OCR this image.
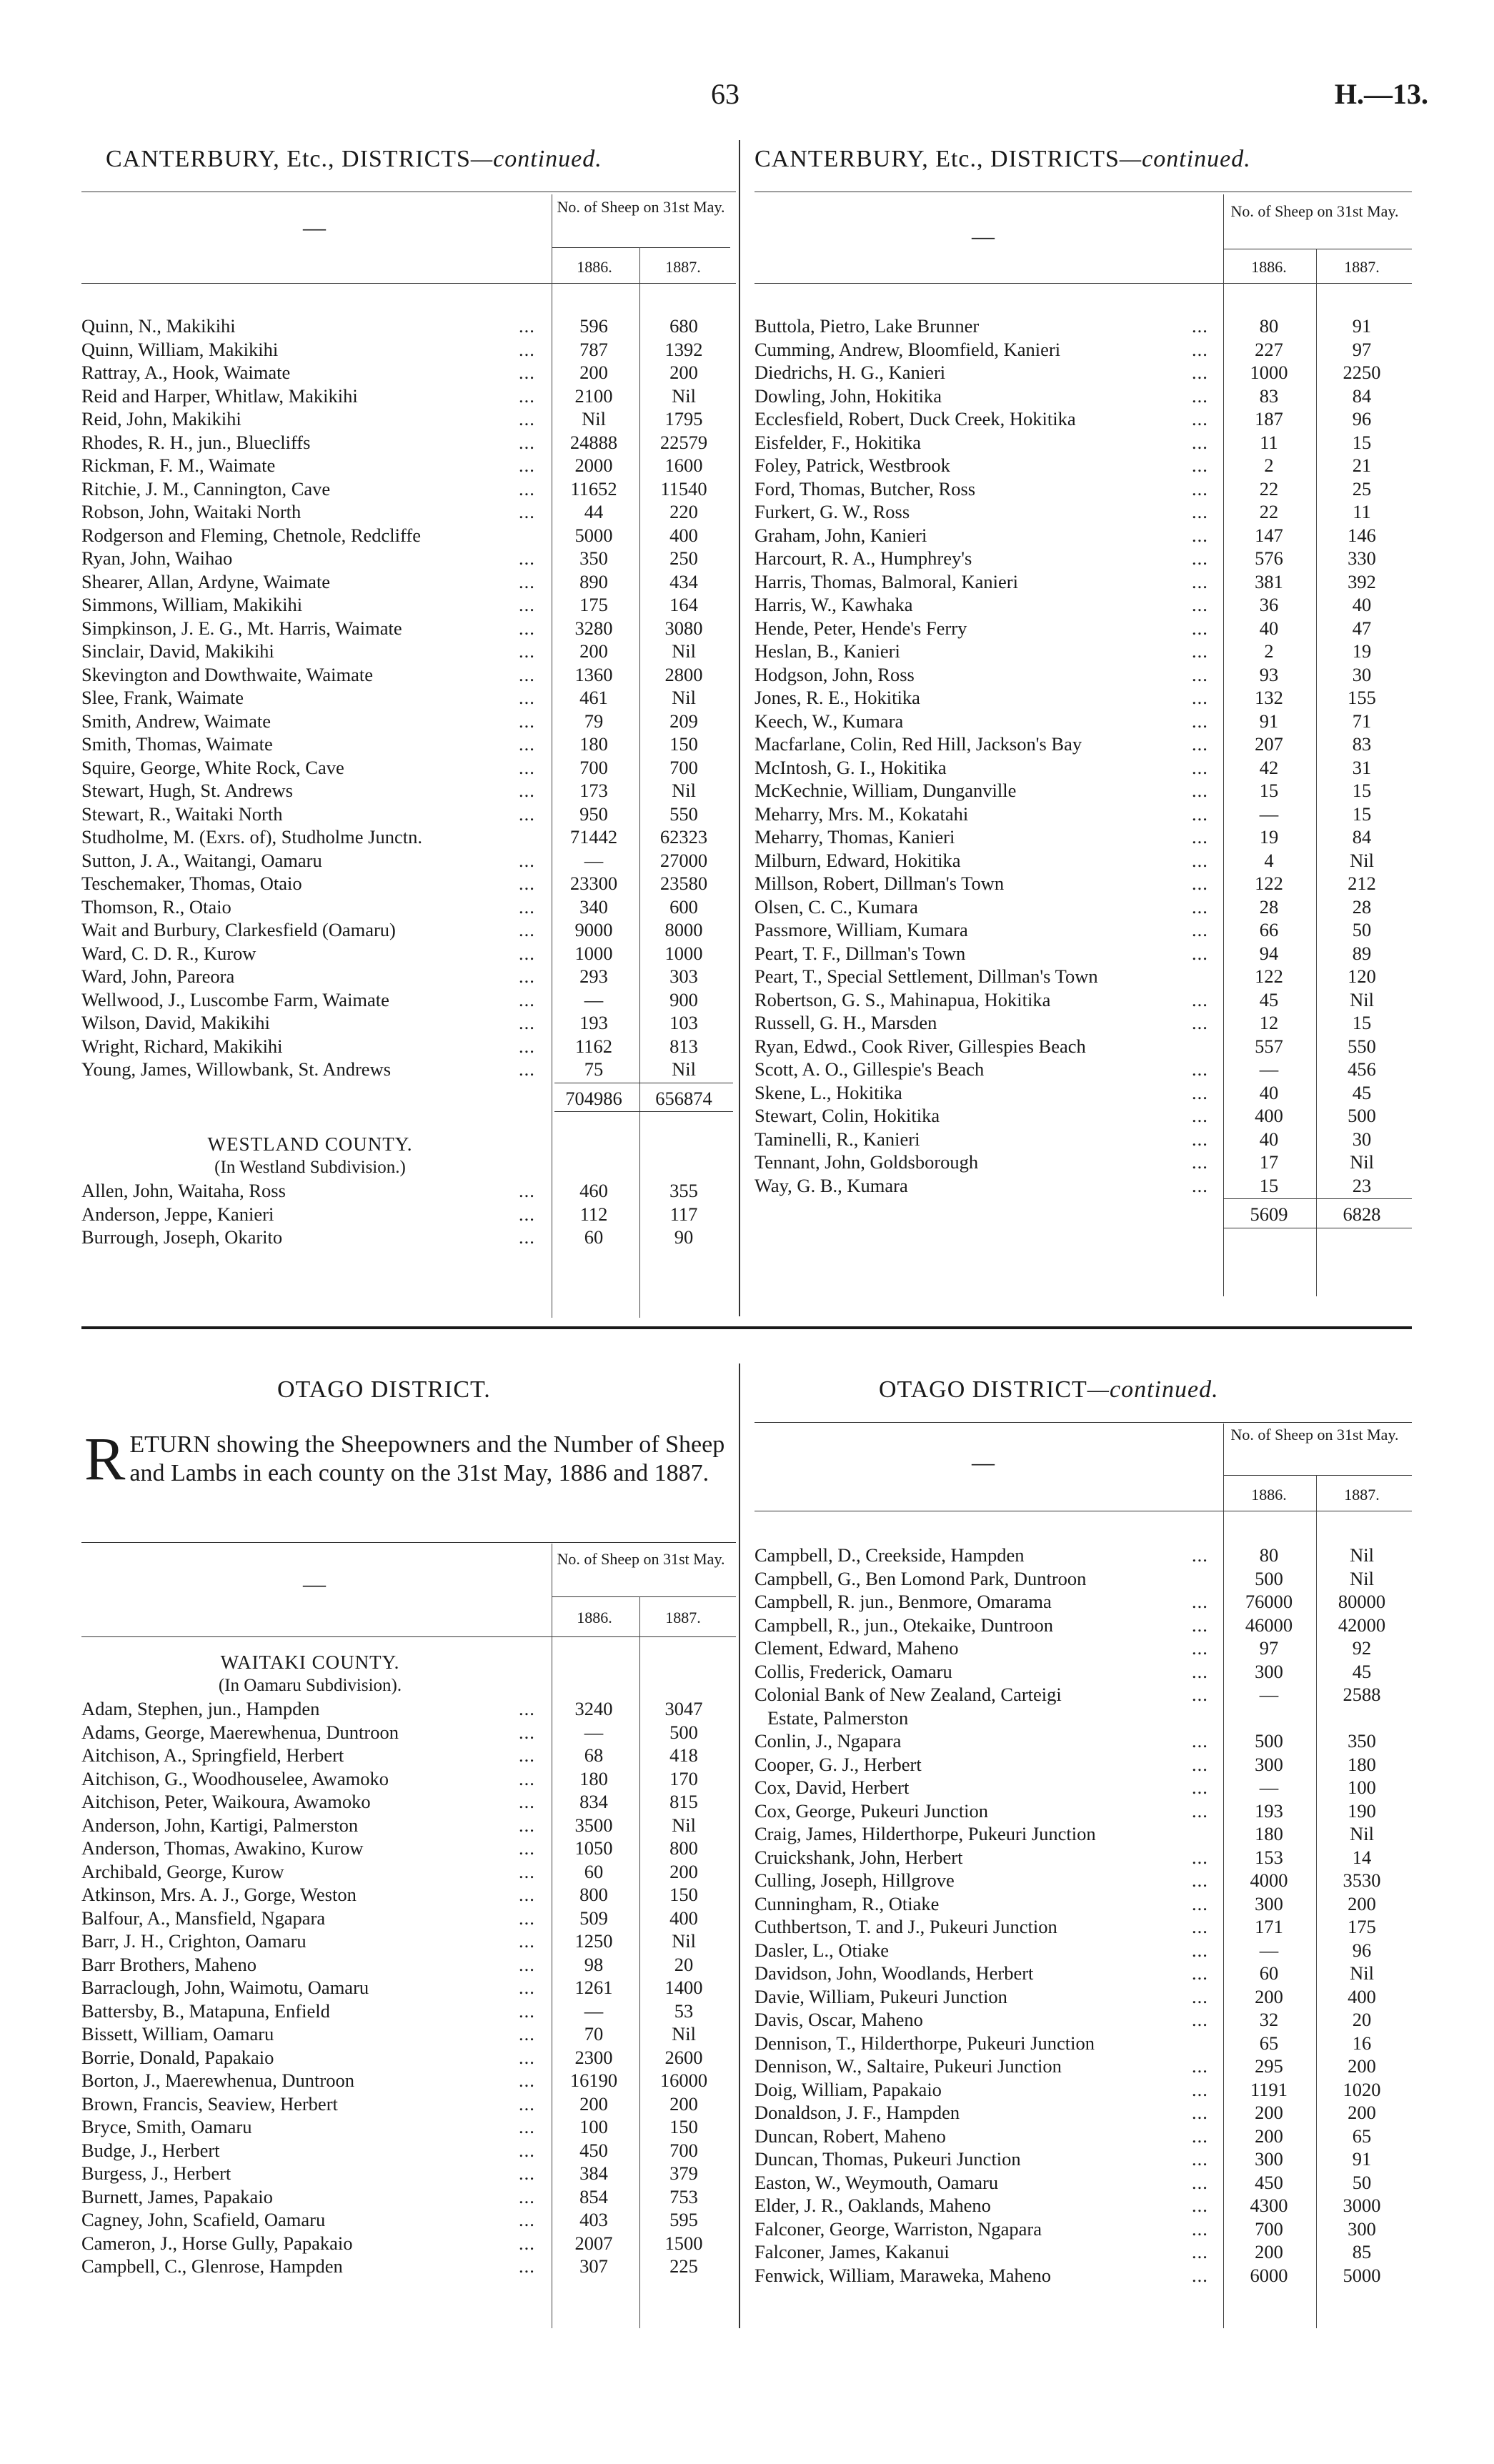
63	H.—13.
CANTERBURY, Etc., DISTRICTS—continued.	CANTERBURY, Etc., DISTRICTS—continued.
—
No. of Sheep on 31st May.
1886.	1887.
—
No. of Sheep on 31st May.
1886.	1887.
Quinn, N., Makikihi	...	596	680
Quinn, William, Makikihi	...	787	1392
Rattray, A., Hook, Waimate	...	200	200
Reid and Harper, Whitlaw, Makikihi	...	2100	Nil
Reid, John, Makikihi	...	Nil	1795
Rhodes, R. H., jun., Bluecliffs	...	24888	22579
Rickman, F. M., Waimate	...	2000	1600
Ritchie, J. M., Cannington, Cave	...	11652	11540
Robson, John, Waitaki North	...	44	220
Rodgerson and Fleming, Chetnole, Redcliffe	5000	400
Ryan, John, Waihao	...	350	250
Shearer, Allan, Ardyne, Waimate	...	890	434
Simmons, William, Makikihi	...	175	164
Simpkinson, J. E. G., Mt. Harris, Waimate	...	3280	3080
Sinclair, David, Makikihi	...	200	Nil
Skevington and Dowthwaite, Waimate	...	1360	2800
Slee, Frank, Waimate	...	461	Nil
Smith, Andrew, Waimate	...	79	209
Smith, Thomas, Waimate	...	180	150
Squire, George, White Rock, Cave	...	700	700
Stewart, Hugh, St. Andrews	...	173	Nil
Stewart, R., Waitaki North	...	950	550
Studholme, M. (Exrs. of), Studholme Junctn.	71442	62323
Sutton, J. A., Waitangi, Oamaru	...	—	27000
Teschemaker, Thomas, Otaio	...	23300	23580
Thomson, R., Otaio	...	340	600
Wait and Burbury, Clarkesfield (Oamaru)	...	9000	8000
Ward, C. D. R., Kurow	...	1000	1000
Ward, John, Pareora	...	293	303
Wellwood, J., Luscombe Farm, Waimate	...	—	900
Wilson, David, Makikihi	...	193	103
Wright, Richard, Makikihi	...	1162	813
Young, James, Willowbank, St. Andrews	...	75	Nil
704986	656874
WESTLAND COUNTY.
(In Westland Subdivision.)
Allen, John, Waitaha, Ross	...	460	355
Anderson, Jeppe, Kanieri	...	112	117
Burrough, Joseph, Okarito	...	60	90
Buttola, Pietro, Lake Brunner	...	80	91
Cumming, Andrew, Bloomfield, Kanieri	...	227	97
Diedrichs, H. G., Kanieri	...	1000	2250
Dowling, John, Hokitika	...	83	84
Ecclesfield, Robert, Duck Creek, Hokitika	...	187	96
Eisfelder, F., Hokitika	...	11	15
Foley, Patrick, Westbrook	...	2	21
Ford, Thomas, Butcher, Ross	...	22	25
Furkert, G. W., Ross	...	22	11
Graham, John, Kanieri	...	147	146
Harcourt, R. A., Humphrey's	...	576	330
Harris, Thomas, Balmoral, Kanieri	...	381	392
Harris, W., Kawhaka	...	36	40
Hende, Peter, Hende's Ferry	...	40	47
Heslan, B., Kanieri	...	2	19
Hodgson, John, Ross	...	93	30
Jones, R. E., Hokitika	...	132	155
Keech, W., Kumara	...	91	71
Macfarlane, Colin, Red Hill, Jackson's Bay	...	207	83
McIntosh, G. I., Hokitika	...	42	31
McKechnie, William, Dunganville	...	15	15
Meharry, Mrs. M., Kokatahi	...	—	15
Meharry, Thomas, Kanieri	...	19	84
Milburn, Edward, Hokitika	...	4	Nil
Millson, Robert, Dillman's Town	...	122	212
Olsen, C. C., Kumara	...	28	28
Passmore, William, Kumara	...	66	50
Peart, T. F., Dillman's Town	...	94	89
Peart, T., Special Settlement, Dillman's Town	122	120
Robertson, G. S., Mahinapua, Hokitika	...	45	Nil
Russell, G. H., Marsden	...	12	15
Ryan, Edwd., Cook River, Gillespies Beach	557	550
Scott, A. O., Gillespie's Beach	...	—	456
Skene, L., Hokitika	...	40	45
Stewart, Colin, Hokitika	...	400	500
Taminelli, R., Kanieri	...	40	30
Tennant, John, Goldsborough	...	17	Nil
Way, G. B., Kumara	...	15	23
5609	6828
OTAGO DISTRICT.	OTAGO DISTRICT—continued.
RETURN showing the Sheepowners and the Number of Sheep and Lambs in each county on the 31st May, 1886 and 1887.	—
No. of Sheep on 31st May.
1886.	1887.
—
No. of Sheep on 31st May.
1886.	1887.
WAITAKI COUNTY.
(In Oamaru Subdivision).
Adam, Stephen, jun., Hampden	...	3240	3047
Adams, George, Maerewhenua, Duntroon	...	—	500
Aitchison, A., Springfield, Herbert	...	68	418
Aitchison, G., Woodhouselee, Awamoko	...	180	170
Aitchison, Peter, Waikoura, Awamoko	...	834	815
Anderson, John, Kartigi, Palmerston	...	3500	Nil
Anderson, Thomas, Awakino, Kurow	...	1050	800
Archibald, George, Kurow	...	60	200
Atkinson, Mrs. A. J., Gorge, Weston	...	800	150
Balfour, A., Mansfield, Ngapara	...	509	400
Barr, J. H., Crighton, Oamaru	...	1250	Nil
Barr Brothers, Maheno	...	98	20
Barraclough, John, Waimotu, Oamaru	...	1261	1400
Battersby, B., Matapuna, Enfield	...	—	53
Bissett, William, Oamaru	...	70	Nil
Borrie, Donald, Papakaio	...	2300	2600
Borton, J., Maerewhenua, Duntroon	...	16190	16000
Brown, Francis, Seaview, Herbert	...	200	200
Bryce, Smith, Oamaru	...	100	150
Budge, J., Herbert	...	450	700
Burgess, J., Herbert	...	384	379
Burnett, James, Papakaio	...	854	753
Cagney, John, Scafield, Oamaru	...	403	595
Cameron, J., Horse Gully, Papakaio	...	2007	1500
Campbell, C., Glenrose, Hampden	...	307	225
Campbell, D., Creekside, Hampden	...	80	Nil
Campbell, G., Ben Lomond Park, Duntroon	500	Nil
Campbell, R. jun., Benmore, Omarama	...	76000	80000
Campbell, R., jun., Otekaike, Duntroon	...	46000	42000
Clement, Edward, Maheno	...	97	92
Collis, Frederick, Oamaru	...	300	45
Colonial Bank of New Zealand, Carteigi	...	—	2588
Estate, Palmerston
Conlin, J., Ngapara	...	500	350
Cooper, G. J., Herbert	...	300	180
Cox, David, Herbert	...	—	100
Cox, George, Pukeuri Junction	...	193	190
Craig, James, Hilderthorpe, Pukeuri Junction	180	Nil
Cruickshank, John, Herbert	...	153	14
Culling, Joseph, Hillgrove	...	4000	3530
Cunningham, R., Otiake	...	300	200
Cuthbertson, T. and J., Pukeuri Junction	...	171	175
Dasler, L., Otiake	...	—	96
Davidson, John, Woodlands, Herbert	...	60	Nil
Davie, William, Pukeuri Junction	...	200	400
Davis, Oscar, Maheno	...	32	20
Dennison, T., Hilderthorpe, Pukeuri Junction	65	16
Dennison, W., Saltaire, Pukeuri Junction	...	295	200
Doig, William, Papakaio	...	1191	1020
Donaldson, J. F., Hampden	...	200	200
Duncan, Robert, Maheno	...	200	65
Duncan, Thomas, Pukeuri Junction	...	300	91
Easton, W., Weymouth, Oamaru	...	450	50
Elder, J. R., Oaklands, Maheno	...	4300	3000
Falconer, George, Warriston, Ngapara	...	700	300
Falconer, James, Kakanui	...	200	85
Fenwick, William, Maraweka, Maheno	...	6000	5000
